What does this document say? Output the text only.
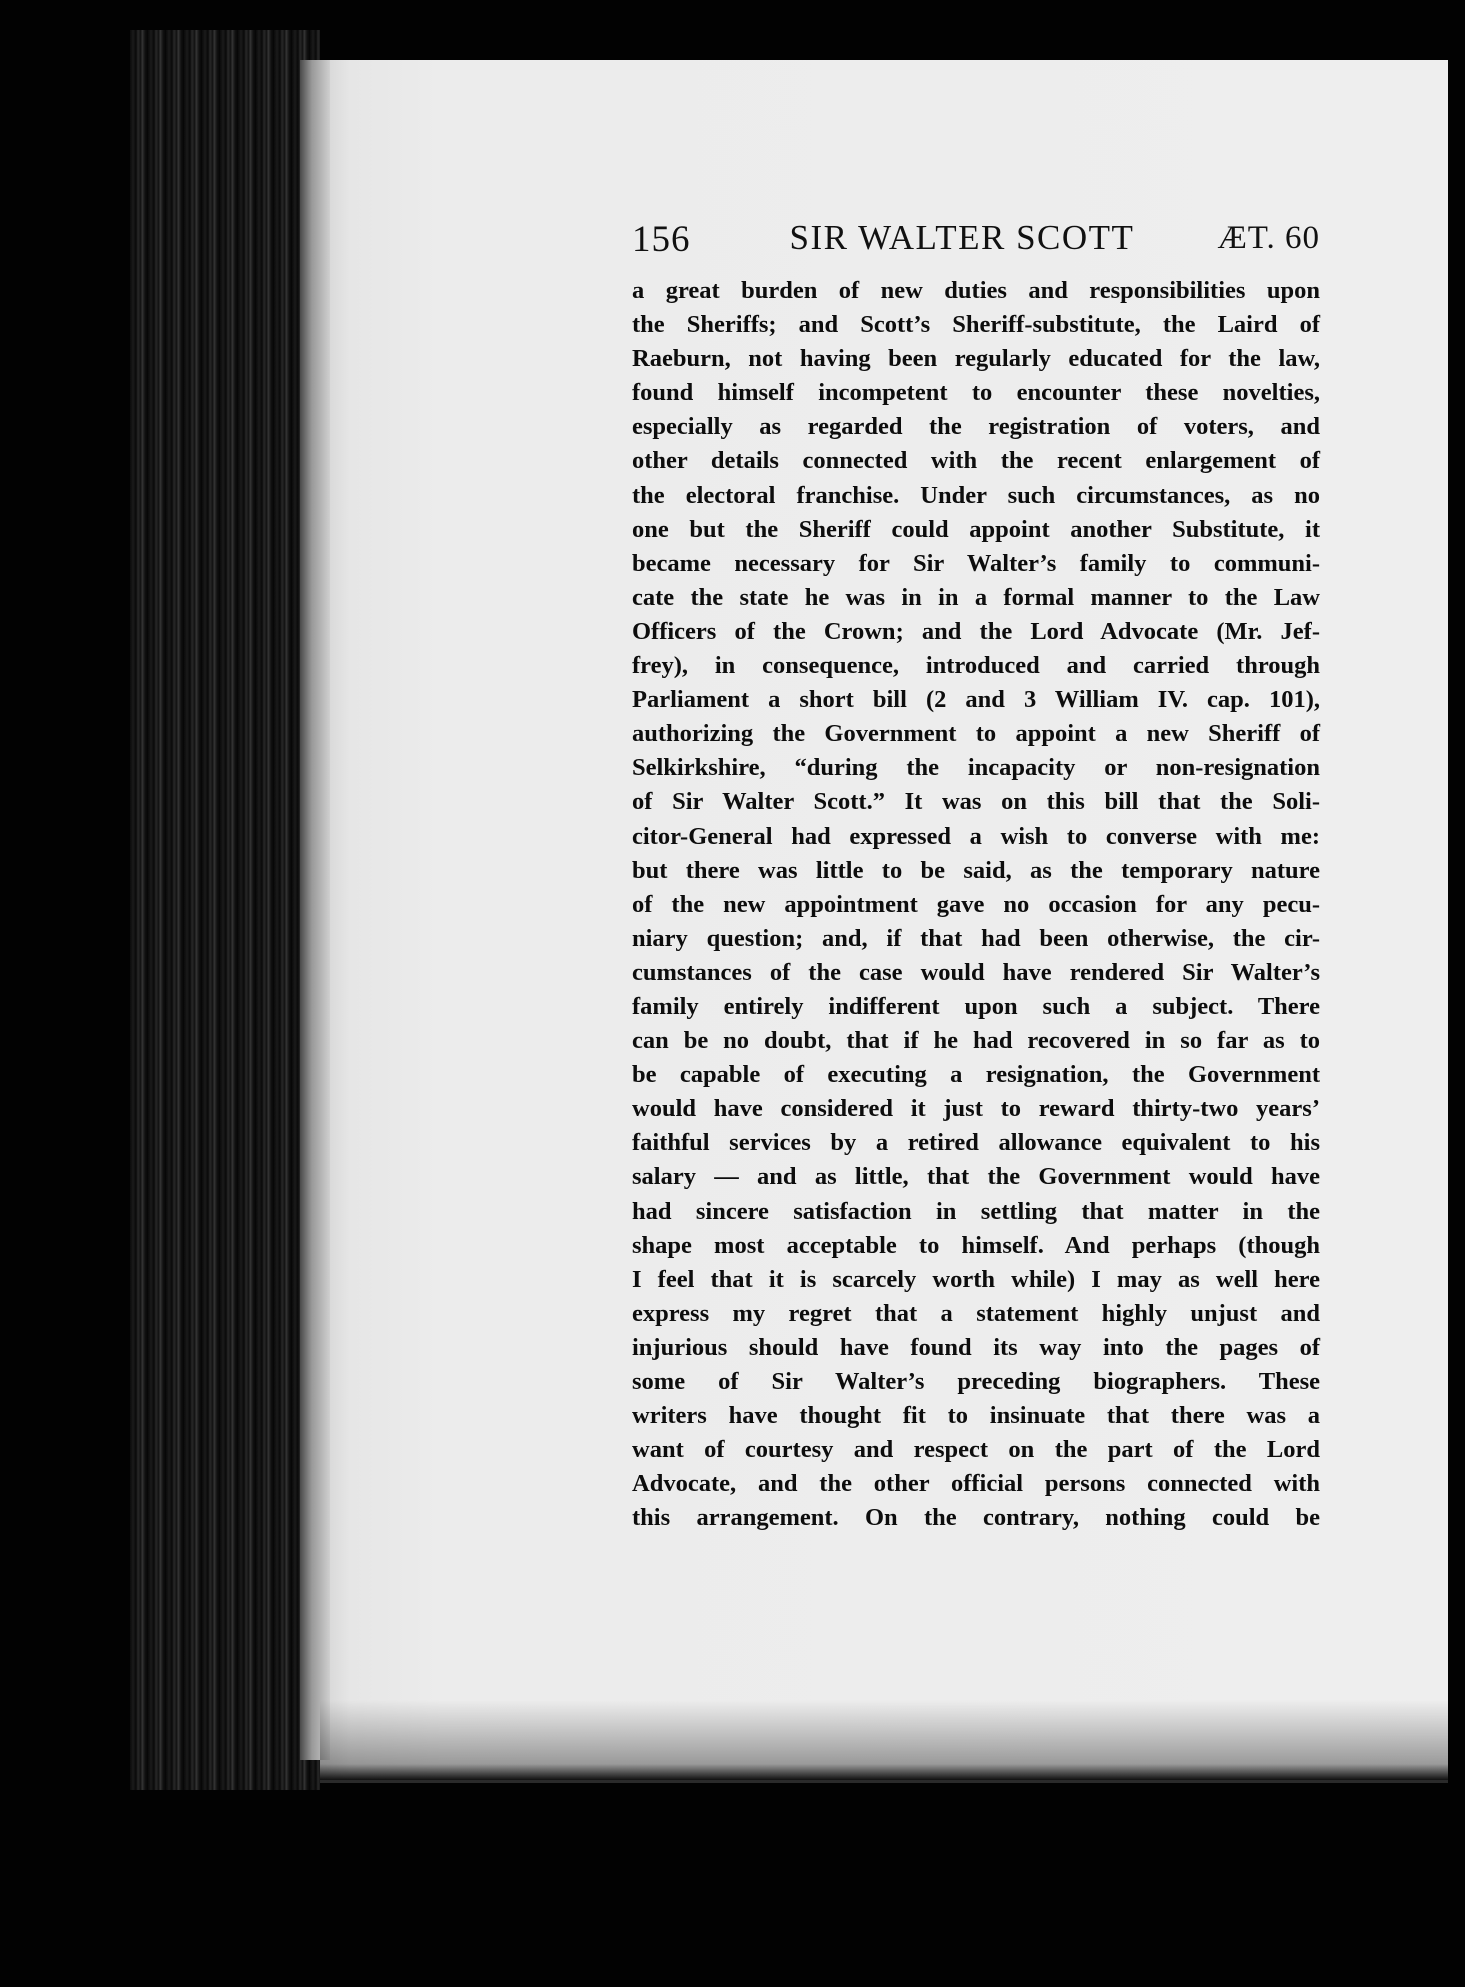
156	SIR WALTER SCOTT	ÆT. 60
a great burden of new duties and responsibilities upon
the Sheriffs; and Scott’s Sheriff-substitute, the Laird of
Raeburn, not having been regularly educated for the law,
found himself incompetent to encounter these novelties,
especially as regarded the registration of voters, and
other details connected with the recent enlargement of
the electoral franchise. Under such circumstances, as no
one but the Sheriff could appoint another Substitute, it
became necessary for Sir Walter’s family to communi-
cate the state he was in in a formal manner to the Law
Officers of the Crown; and the Lord Advocate (Mr. Jef-
frey), in consequence, introduced and carried through
Parliament a short bill (2 and 3 William IV. cap. 101),
authorizing the Government to appoint a new Sheriff of
Selkirkshire, “during the incapacity or non-resignation
of Sir Walter Scott.” It was on this bill that the Soli-
citor-General had expressed a wish to converse with me:
but there was little to be said, as the temporary nature
of the new appointment gave no occasion for any pecu-
niary question; and, if that had been otherwise, the cir-
cumstances of the case would have rendered Sir Walter’s
family entirely indifferent upon such a subject. There
can be no doubt, that if he had recovered in so far as to
be capable of executing a resignation, the Government
would have considered it just to reward thirty-two years’
faithful services by a retired allowance equivalent to his
salary — and as little, that the Government would have
had sincere satisfaction in settling that matter in the
shape most acceptable to himself. And perhaps (though
I feel that it is scarcely worth while) I may as well here
express my regret that a statement highly unjust and
injurious should have found its way into the pages of
some of Sir Walter’s preceding biographers. These
writers have thought fit to insinuate that there was a
want of courtesy and respect on the part of the Lord
Advocate, and the other official persons connected with
this arrangement. On the contrary, nothing could be
